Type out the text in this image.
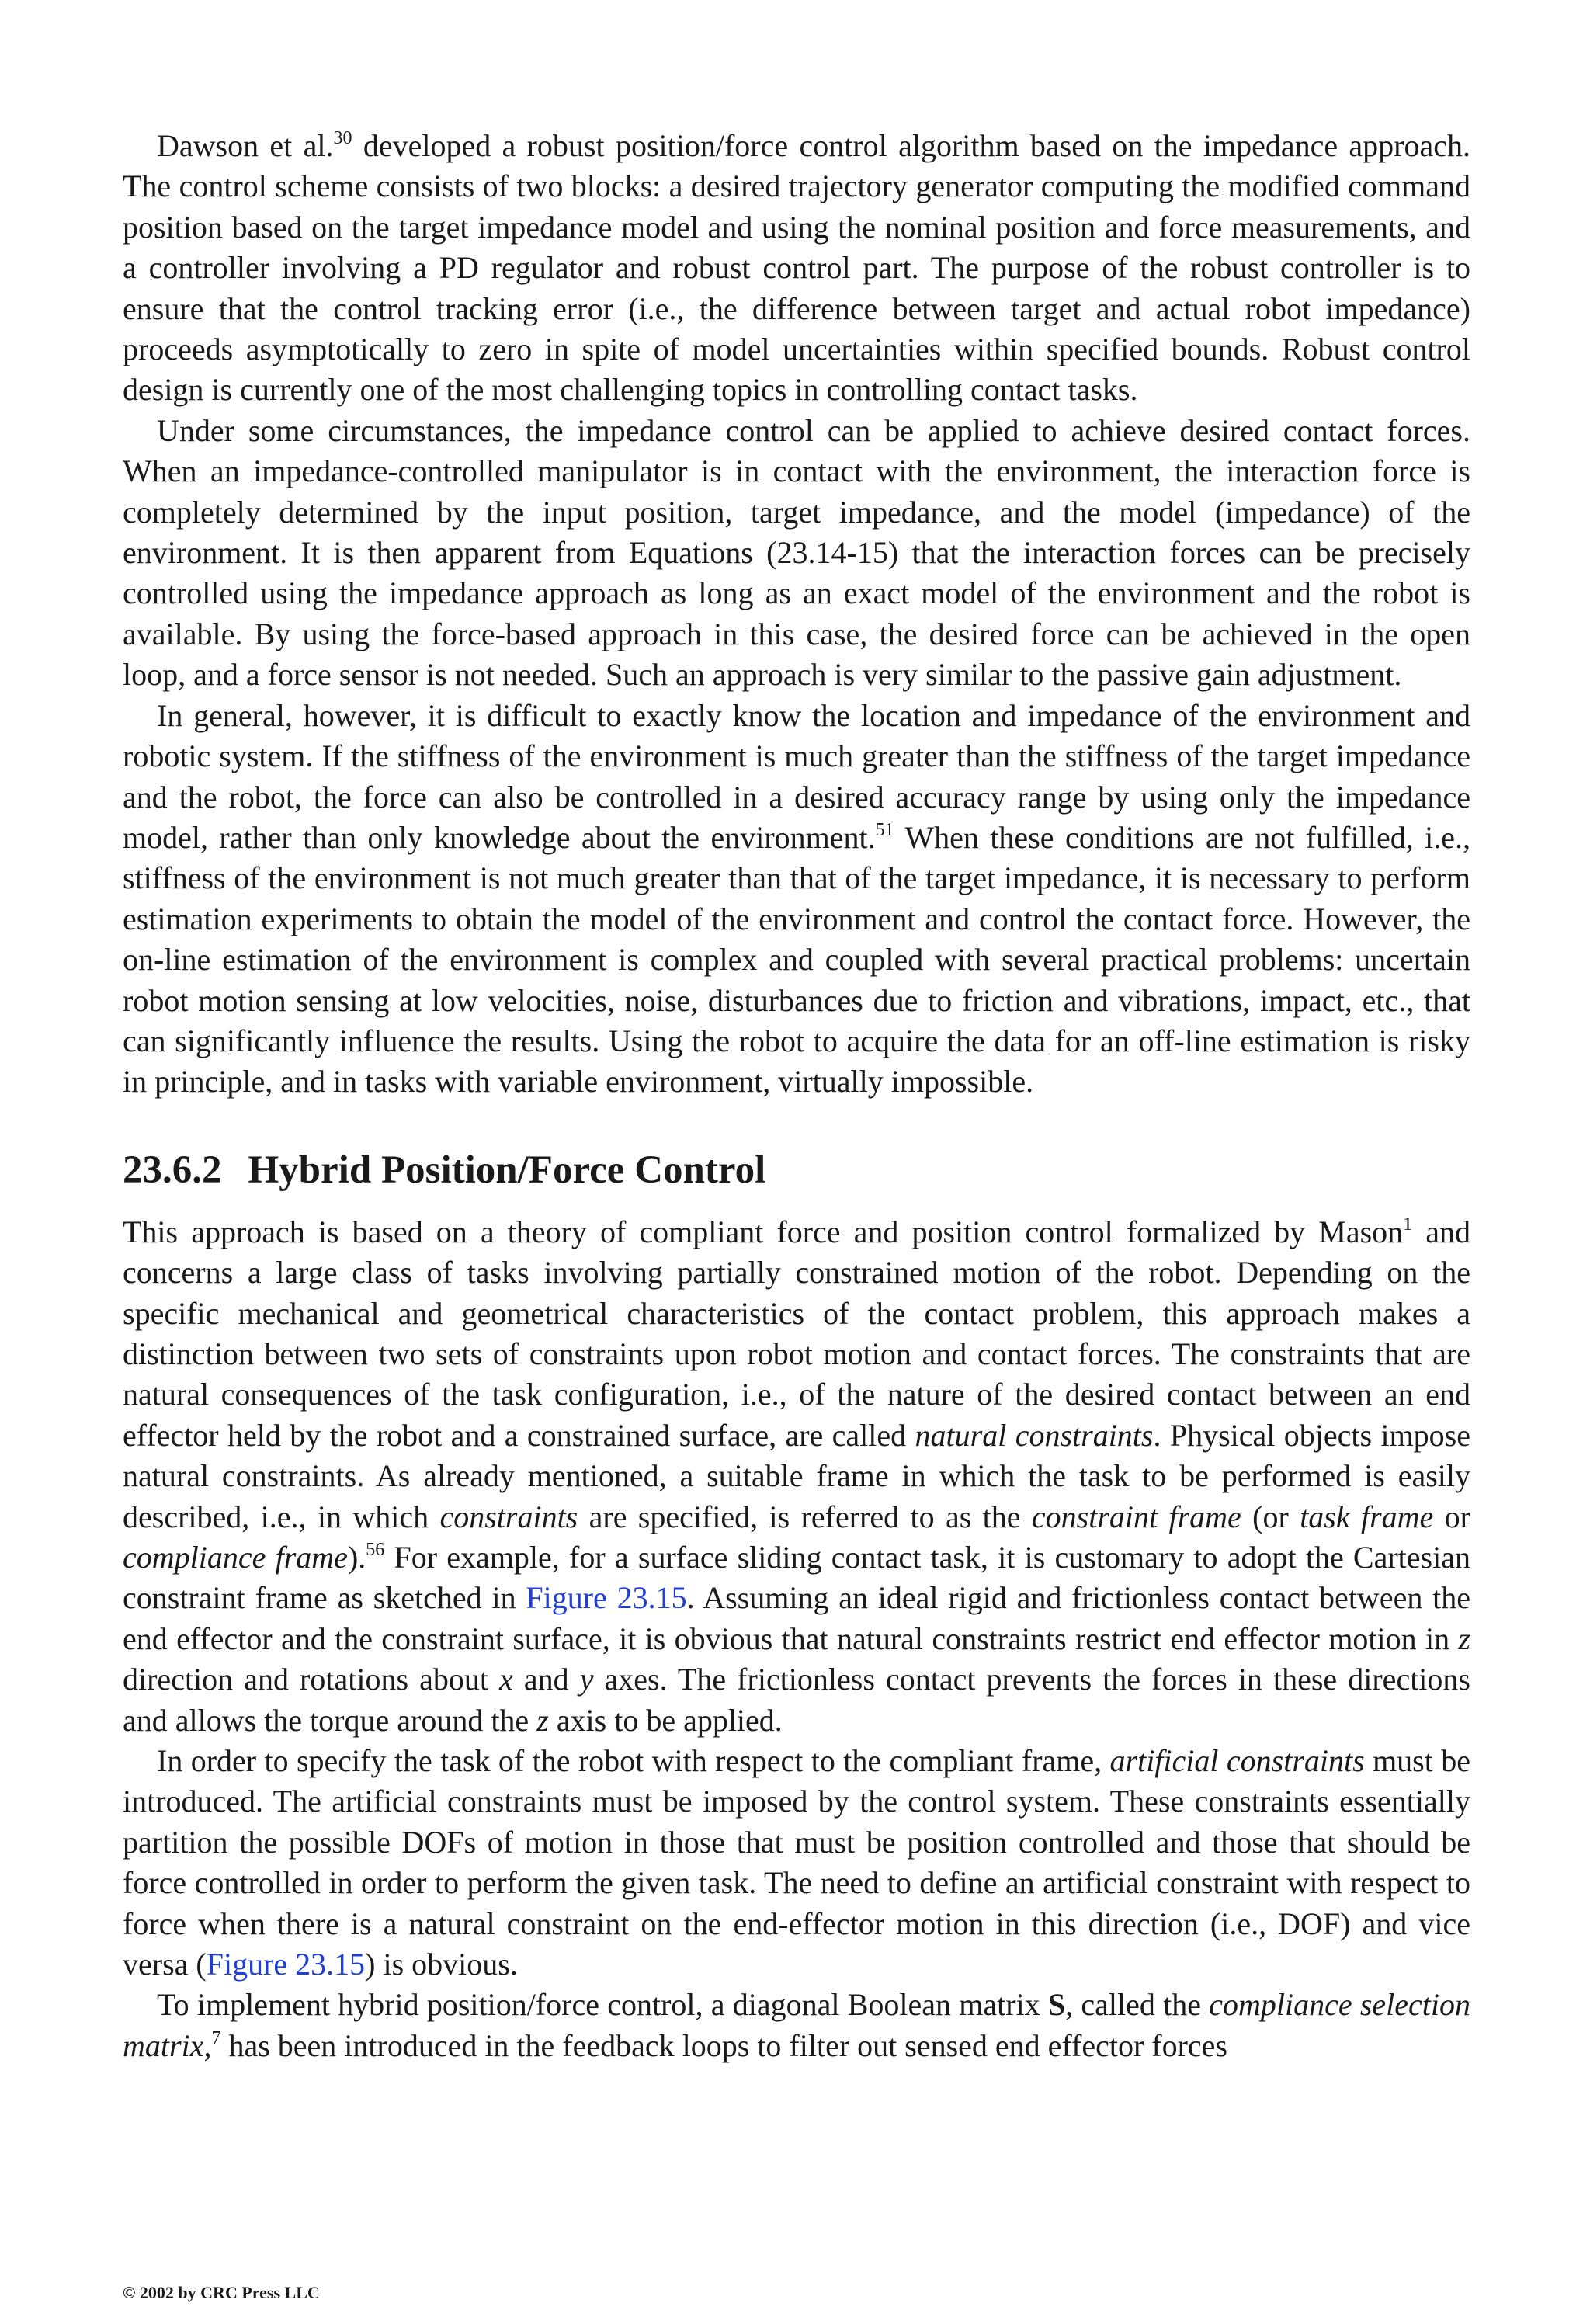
Dawson et al.$^{30}$ developed a robust position/force control algorithm based on the impedance approach. The control scheme consists of two blocks: a desired trajectory generator computing the modified command position based on the target impedance model and using the nominal position and force measurements, and a controller involving a PD regulator and robust control part. The purpose of the robust controller is to ensure that the control tracking error (i.e., the difference between target and actual robot impedance) proceeds asymptotically to zero in spite of model uncertainties within specified bounds. Robust control design is currently one of the most challenging topics in controlling contact tasks.

Under some circumstances, the impedance control can be applied to achieve desired contact forces. When an impedance-controlled manipulator is in contact with the environment, the interaction force is completely determined by the input position, target impedance, and the model (impedance) of the environment. It is then apparent from Equations (23.14-15) that the interaction forces can be precisely controlled using the impedance approach as long as an exact model of the environment and the robot is available. By using the force-based approach in this case, the desired force can be achieved in the open loop, and a force sensor is not needed. Such an approach is very similar to the passive gain adjustment.

In general, however, it is difficult to exactly know the location and impedance of the environment and robotic system. If the stiffness of the environment is much greater than the stiffness of the target impedance and the robot, the force can also be controlled in a desired accuracy range by using only the impedance model, rather than only knowledge about the environment.$^{51}$ When these conditions are not fulfilled, i.e., stiffness of the environment is not much greater than that of the target impedance, it is necessary to perform estimation experiments to obtain the model of the environment and control the contact force. However, the on-line estimation of the environment is complex and coupled with several practical problems: uncertain robot motion sensing at low velocities, noise, disturbances due to friction and vibrations, impact, etc., that can significantly influence the results. Using the robot to acquire the data for an off-line estimation is risky in principle, and in tasks with variable environment, virtually impossible.

23.6.2 Hybrid Position/Force Control

This approach is based on a theory of compliant force and position control formalized by Mason$^1$ and concerns a large class of tasks involving partially constrained motion of the robot. Depending on the specific mechanical and geometrical characteristics of the contact problem, this approach makes a distinction between two sets of constraints upon robot motion and contact forces. The constraints that are natural consequences of the task configuration, i.e., of the nature of the desired contact between an end effector held by the robot and a constrained surface, are called natural constraints. Physical objects impose natural constraints. As already mentioned, a suitable frame in which the task to be performed is easily described, i.e., in which constraints are specified, is referred to as the constraint frame (or task frame or compliance frame).$^{56}$ For example, for a surface sliding contact task, it is customary to adopt the Cartesian constraint frame as sketched in Figure 23.15. Assuming an ideal rigid and frictionless contact between the end effector and the constraint surface, it is obvious that natural constraints restrict end effector motion in z direction and rotations about x and y axes. The frictionless contact prevents the forces in these directions and allows the torque around the z axis to be applied.

In order to specify the task of the robot with respect to the compliant frame, artificial constraints must be introduced. The artificial constraints must be imposed by the control system. These constraints essentially partition the possible DOFs of motion in those that must be position controlled and those that should be force controlled in order to perform the given task. The need to define an artificial constraint with respect to force when there is a natural constraint on the end-effector motion in this direction (i.e., DOF) and vice versa (Figure 23.15) is obvious.

To implement hybrid position/force control, a diagonal Boolean matrix S, called the compliance selection matrix,$^7$ has been introduced in the feedback loops to filter out sensed end effector forces

© 2002 by CRC Press LLC
